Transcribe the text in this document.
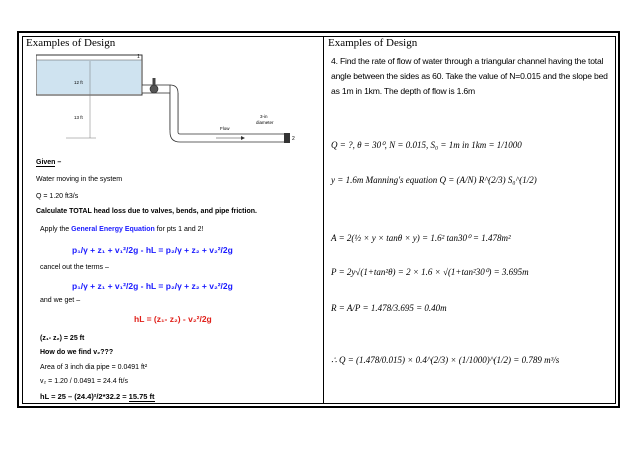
Examples of Design
1
12 ft
13 ft
Flow
3-in
diameter
2
Given –
Water moving in the system
Q = 1.20 ft3/s
Calculate TOTAL head loss due to valves, bends, and pipe friction.
Apply the General Energy Equation for pts 1 and 2!
p₁/γ + z₁ + v₁²/2g - hL = p₂/γ + z₂ + v₂²/2g
cancel out the terms –
p₁/γ + z₁ + v₁²/2g - hL = p₂/γ + z₂ + v₂²/2g
and we get –
hL = (z₁- z₂) - v₂²/2g
(z₁- z₂) = 25 ft
How do we find v₂???
Area of 3 inch dia pipe = 0.0491 ft²
v₂ = 1.20 / 0.0491 = 24.4 ft/s
hL = 25 – (24.4)²/2*32.2 = 15.75 ft
Examples of Design
4. Find the rate of flow of water through a triangular channel having the total angle between the sides as 60. Take the value of N=0.015 and the slope bed as 1m in 1km. The depth of flow is 1.6m
Q = ?, θ = 30⁰, N = 0.015, S₀ = 1m in 1km = 1/1000
y = 1.6m Manning's equation Q = (A/N) R^(2/3) S₀^(1/2)
A = 2(½ × y × tanθ × y) = 1.6² tan30⁰ = 1.478m²
P = 2y√(1+tan²θ) = 2 × 1.6 × √(1+tan²30⁰) = 3.695m
R = A/P = 1.478/3.695 = 0.40m
∴ Q = (1.478/0.015) × 0.4^(2/3) × (1/1000)^(1/2) = 0.789 m³/s
